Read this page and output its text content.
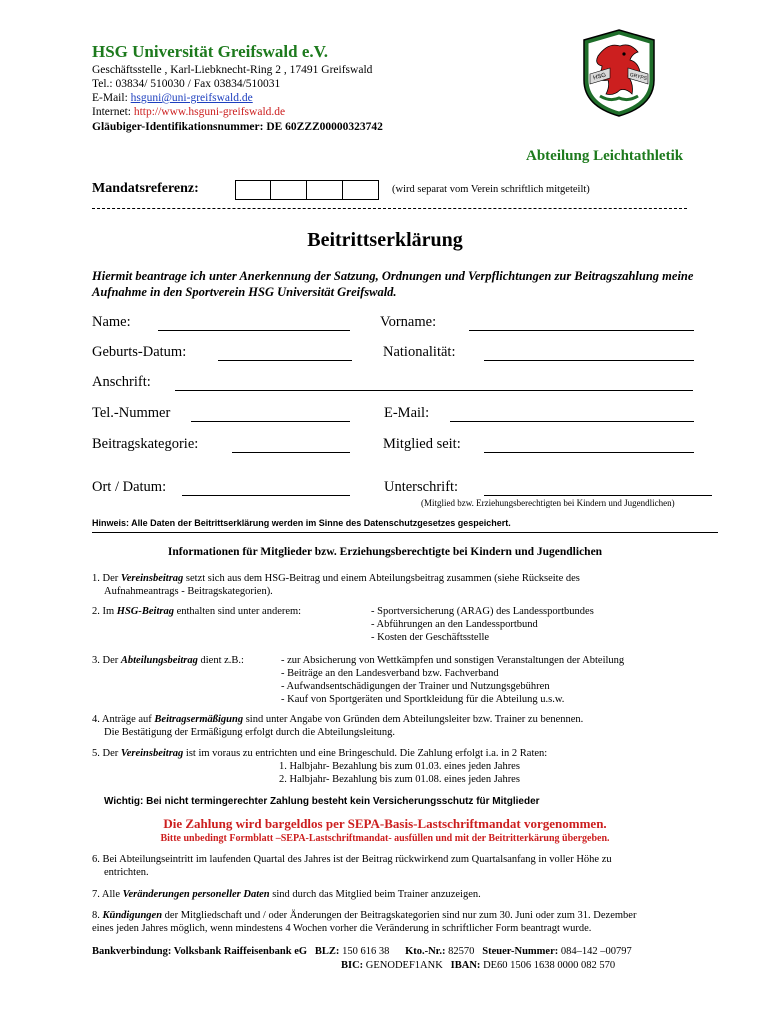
HSG Universität Greifswald e.V.
Geschäftsstelle , Karl-Liebknecht-Ring 2 , 17491 Greifswald
Tel.: 03834/ 510030 / Fax 03834/510031
E-Mail: hsguni@uni-greifswald.de
Internet: http://www.hsguni-greifswald.de
Gläubiger-Identifikationsnummer: DE 60ZZZ00000323742
HSG	GRYPS
Abteilung Leichtathletik
Mandatsreferenz:	(wird separat vom Verein schriftlich mitgeteilt)
Beitrittserklärung
Hiermit beantrage ich unter Anerkennung der Satzung, Ordnungen und Verpflichtungen zur Beitragszahlung meine Aufnahme in den Sportverein HSG Universität Greifswald.
Name:	Vorname:
Geburts-Datum:	Nationalität:
Anschrift:
Tel.-Nummer	E-Mail:
Beitragskategorie:	Mitglied seit:
Ort / Datum:	Unterschrift:
(Mitglied bzw. Erziehungsberechtigten bei Kindern und Jugendlichen)
Hinweis: Alle Daten der Beitrittserklärung werden im Sinne des Datenschutzgesetzes gespeichert.
Informationen für Mitglieder bzw. Erziehungsberechtigte bei Kindern und Jugendlichen
1. Der Vereinsbeitrag setzt sich aus dem HSG-Beitrag und einem Abteilungsbeitrag zusammen (siehe Rückseite des
Aufnahmeantrags - Beitragskategorien).
2. Im HSG-Beitrag enthalten sind unter anderem:	- Sportversicherung (ARAG) des Landessportbundes
- Abführungen an den Landessportbund
- Kosten der Geschäftsstelle
3. Der Abteilungsbeitrag dient z.B.:	- zur Absicherung von Wettkämpfen und sonstigen Veranstaltungen der Abteilung
- Beiträge an den Landesverband bzw. Fachverband
- Aufwandsentschädigungen der Trainer und Nutzungsgebühren
- Kauf von Sportgeräten und Sportkleidung für die Abteilung u.s.w.
4. Anträge auf Beitragsermäßigung sind unter Angabe von Gründen dem Abteilungsleiter bzw. Trainer zu benennen.
Die Bestätigung der Ermäßigung erfolgt durch die Abteilungsleitung.
5. Der Vereinsbeitrag ist im voraus zu entrichten und eine Bringeschuld. Die Zahlung erfolgt i.a. in 2 Raten:
1. Halbjahr- Bezahlung bis zum 01.03. eines jeden Jahres
2. Halbjahr- Bezahlung bis zum 01.08. eines jeden Jahres
Wichtig: Bei nicht termingerechter Zahlung besteht kein Versicherungsschutz für Mitglieder
Die Zahlung wird bargeldlos per SEPA-Basis-Lastschriftmandat vorgenommen.
Bitte unbedingt Formblatt –SEPA-Lastschriftmandat- ausfüllen und mit der Beitritterkärung übergeben.
6. Bei Abteilungseintritt im laufenden Quartal des Jahres ist der Beitrag rückwirkend zum Quartalsanfang in voller Höhe zu
entrichten.
7. Alle Veränderungen personeller Daten sind durch das Mitglied beim Trainer anzuzeigen.
8. Kündigungen der Mitgliedschaft und / oder Änderungen der Beitragskategorien sind nur zum 30. Juni oder zum 31. Dezember
eines jeden Jahres möglich, wenn mindestens 4 Wochen vorher die Veränderung in schriftlicher Form beantragt wurde.
Bankverbindung: Volksbank Raiffeisenbank eG BLZ: 150 616 38 Kto.-Nr.: 82570 Steuer-Nummer: 084–142 –00797
BIC: GENODEF1ANK IBAN: DE60 1506 1638 0000 082 570
